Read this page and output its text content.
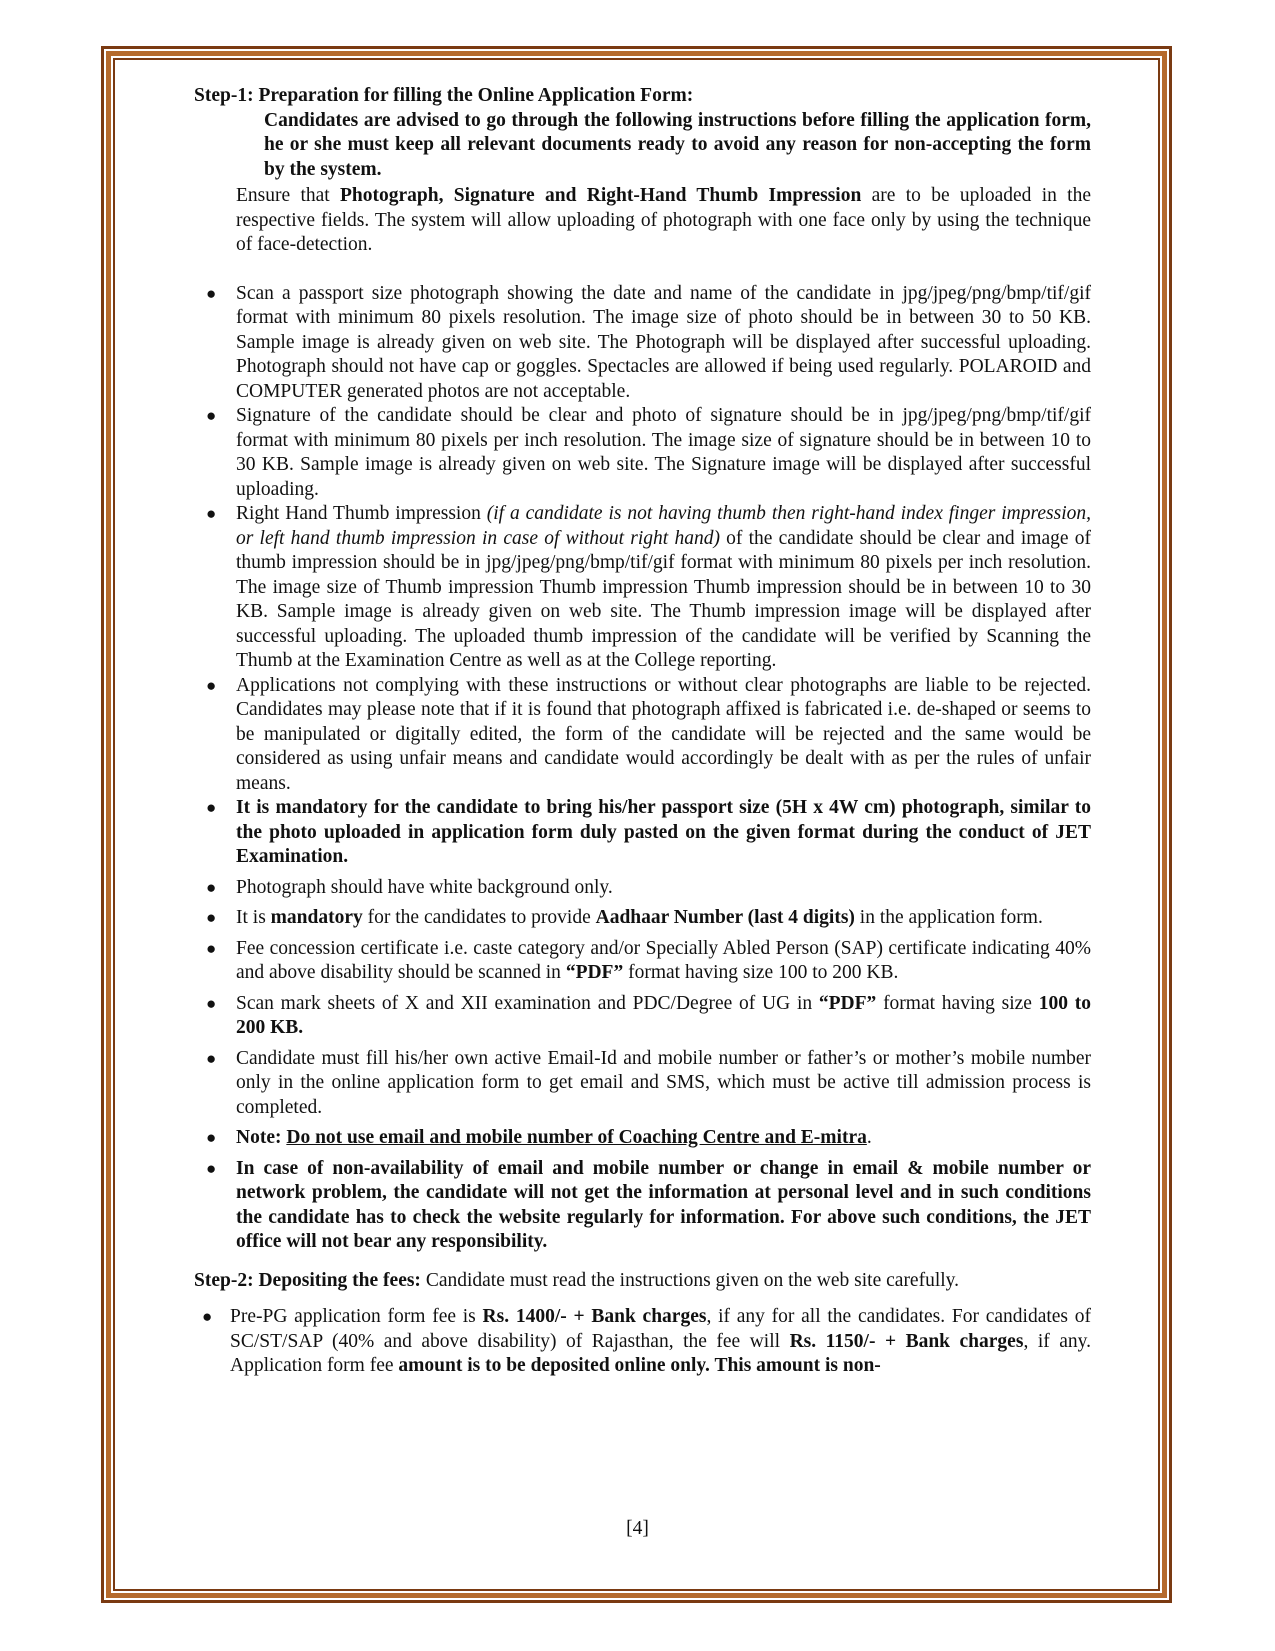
Step-1: Preparation for filling the Online Application Form:

Candidates are advised to go through the following instructions before filling the application form, he or she must keep all relevant documents ready to avoid any reason for non-accepting the form by the system.

Ensure that Photograph, Signature and Right-Hand Thumb Impression are to be uploaded in the respective fields. The system will allow uploading of photograph with one face only by using the technique of face-detection.

● Scan a passport size photograph showing the date and name of the candidate in jpg/jpeg/png/bmp/tif/gif format with minimum 80 pixels resolution. The image size of photo should be in between 30 to 50 KB. Sample image is already given on web site. The Photograph will be displayed after successful uploading. Photograph should not have cap or goggles. Spectacles are allowed if being used regularly. POLAROID and COMPUTER generated photos are not acceptable.
● Signature of the candidate should be clear and photo of signature should be in jpg/jpeg/png/bmp/tif/gif format with minimum 80 pixels per inch resolution. The image size of signature should be in between 10 to 30 KB. Sample image is already given on web site. The Signature image will be displayed after successful uploading.
● Right Hand Thumb impression (if a candidate is not having thumb then right-hand index finger impression, or left hand thumb impression in case of without right hand) of the candidate should be clear and image of thumb impression should be in jpg/jpeg/png/bmp/tif/gif format with minimum 80 pixels per inch resolution. The image size of Thumb impression Thumb impression Thumb impression should be in between 10 to 30 KB. Sample image is already given on web site. The Thumb impression image will be displayed after successful uploading. The uploaded thumb impression of the candidate will be verified by Scanning the Thumb at the Examination Centre as well as at the College reporting.
● Applications not complying with these instructions or without clear photographs are liable to be rejected. Candidates may please note that if it is found that photograph affixed is fabricated i.e. de-shaped or seems to be manipulated or digitally edited, the form of the candidate will be rejected and the same would be considered as using unfair means and candidate would accordingly be dealt with as per the rules of unfair means.
● It is mandatory for the candidate to bring his/her passport size (5H x 4W cm) photograph, similar to the photo uploaded in application form duly pasted on the given format during the conduct of JET Examination.
● Photograph should have white background only.
● It is mandatory for the candidates to provide Aadhaar Number (last 4 digits) in the application form.
● Fee concession certificate i.e. caste category and/or Specially Abled Person (SAP) certificate indicating 40% and above disability should be scanned in “PDF” format having size 100 to 200 KB.
● Scan mark sheets of X and XII examination and PDC/Degree of UG in “PDF” format having size 100 to 200 KB.
● Candidate must fill his/her own active Email-Id and mobile number or father’s or mother’s mobile number only in the online application form to get email and SMS, which must be active till admission process is completed.
● Note: Do not use email and mobile number of Coaching Centre and E-mitra.
● In case of non-availability of email and mobile number or change in email & mobile number or network problem, the candidate will not get the information at personal level and in such conditions the candidate has to check the website regularly for information. For above such conditions, the JET office will not bear any responsibility.

Step-2: Depositing the fees: Candidate must read the instructions given on the web site carefully.

● Pre-PG application form fee is Rs. 1400/- + Bank charges, if any for all the candidates. For candidates of SC/ST/SAP (40% and above disability) of Rajasthan, the fee will Rs. 1150/- + Bank charges, if any. Application form fee amount is to be deposited online only. This amount is non-
[4]
